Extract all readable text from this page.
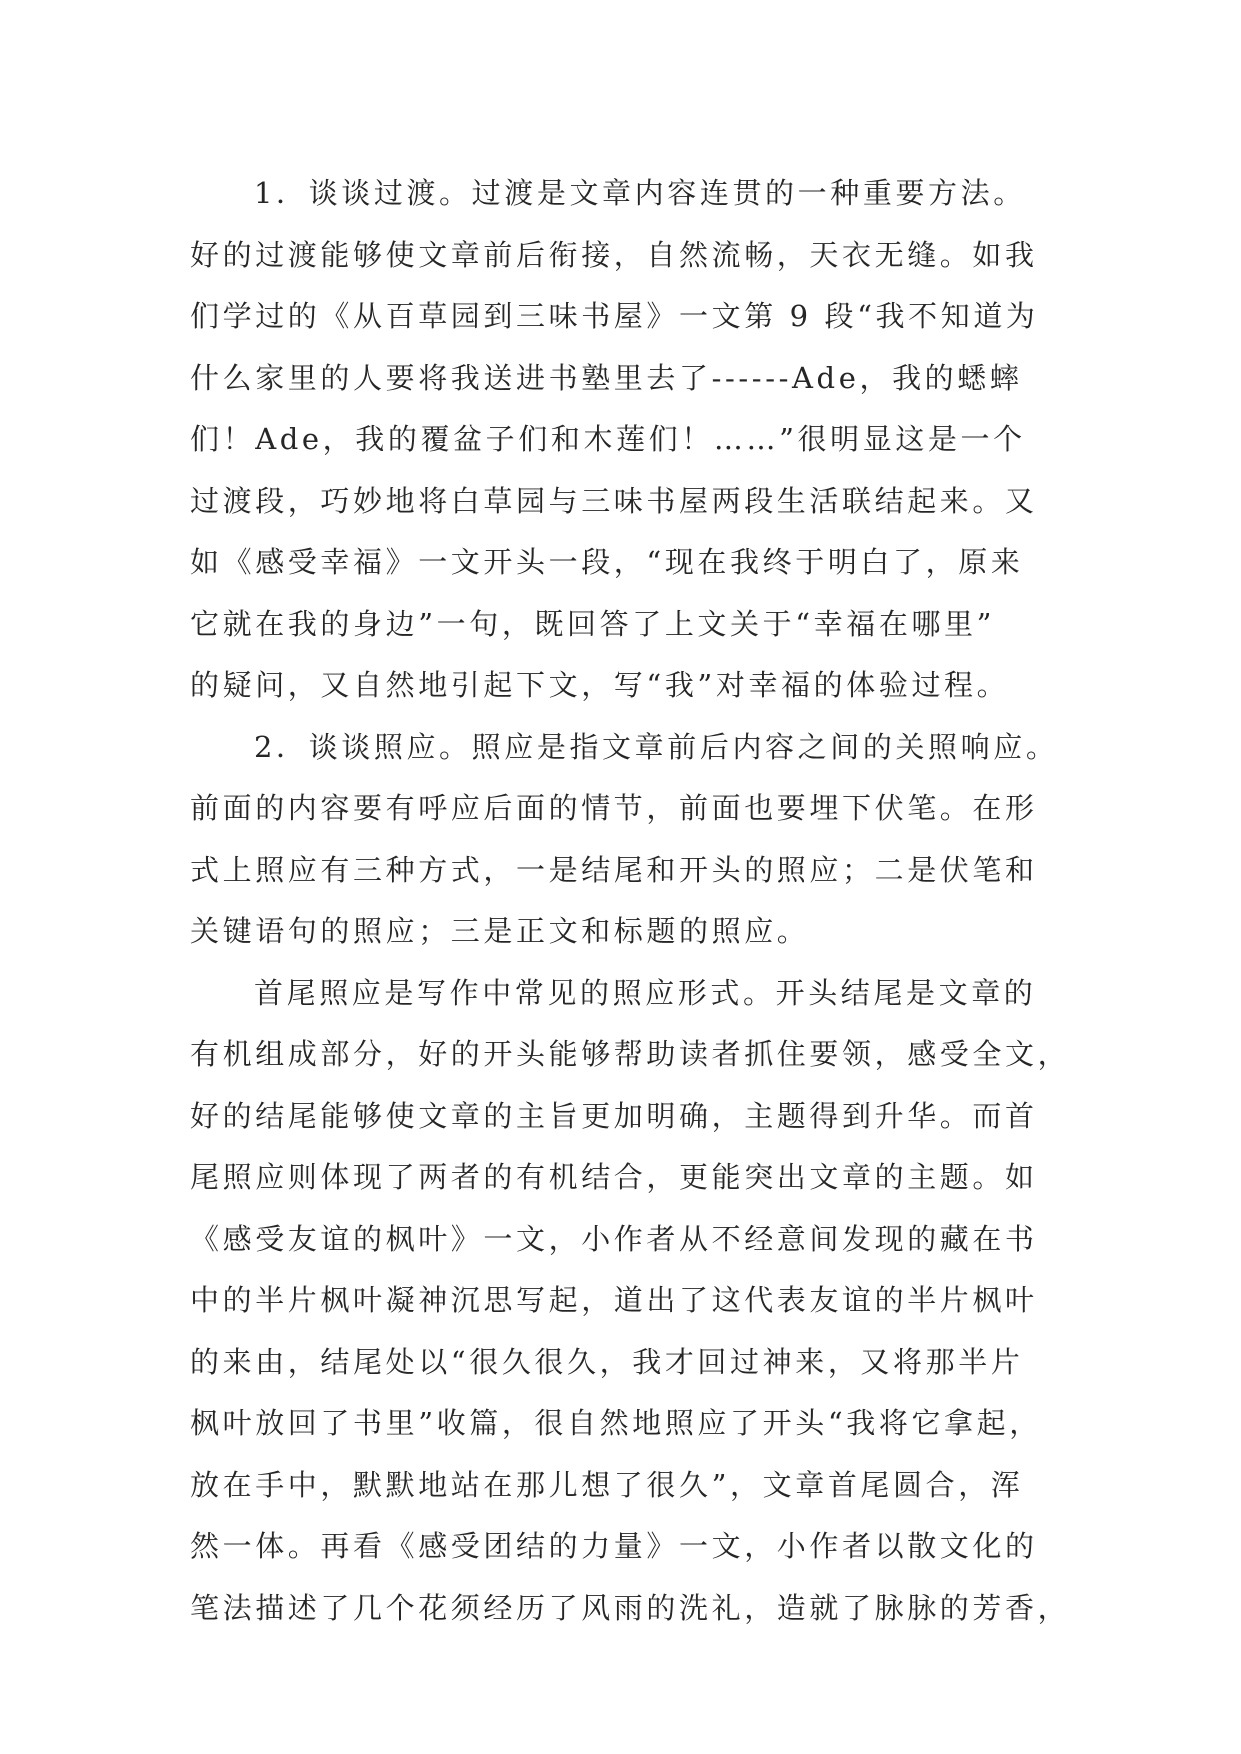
1．谈谈过渡。过渡是文章内容连贯的一种重要方法。
好的过渡能够使文章前后衔接，自然流畅，天衣无缝。如我
们学过的《从百草园到三味书屋》一文第 9 段“我不知道为
什么家里的人要将我送进书塾里去了------Ade，我的蟋蟀
们！Ade，我的覆盆子们和木莲们！……”很明显这是一个
过渡段，巧妙地将白草园与三味书屋两段生活联结起来。又
如《感受幸福》一文开头一段，“现在我终于明白了，原来
它就在我的身边”一句，既回答了上文关于“幸福在哪里”
的疑问，又自然地引起下文，写“我”对幸福的体验过程。
2．谈谈照应。照应是指文章前后内容之间的关照响应。
前面的内容要有呼应后面的情节，前面也要埋下伏笔。在形
式上照应有三种方式，一是结尾和开头的照应；二是伏笔和
关键语句的照应；三是正文和标题的照应。
首尾照应是写作中常见的照应形式。开头结尾是文章的
有机组成部分，好的开头能够帮助读者抓住要领，感受全文，
好的结尾能够使文章的主旨更加明确，主题得到升华。而首
尾照应则体现了两者的有机结合，更能突出文章的主题。如
《感受友谊的枫叶》一文，小作者从不经意间发现的藏在书
中的半片枫叶凝神沉思写起，道出了这代表友谊的半片枫叶
的来由，结尾处以“很久很久，我才回过神来，又将那半片
枫叶放回了书里”收篇，很自然地照应了开头“我将它拿起，
放在手中，默默地站在那儿想了很久”，文章首尾圆合，浑
然一体。再看《感受团结的力量》一文，小作者以散文化的
笔法描述了几个花须经历了风雨的洗礼，造就了脉脉的芳香，
